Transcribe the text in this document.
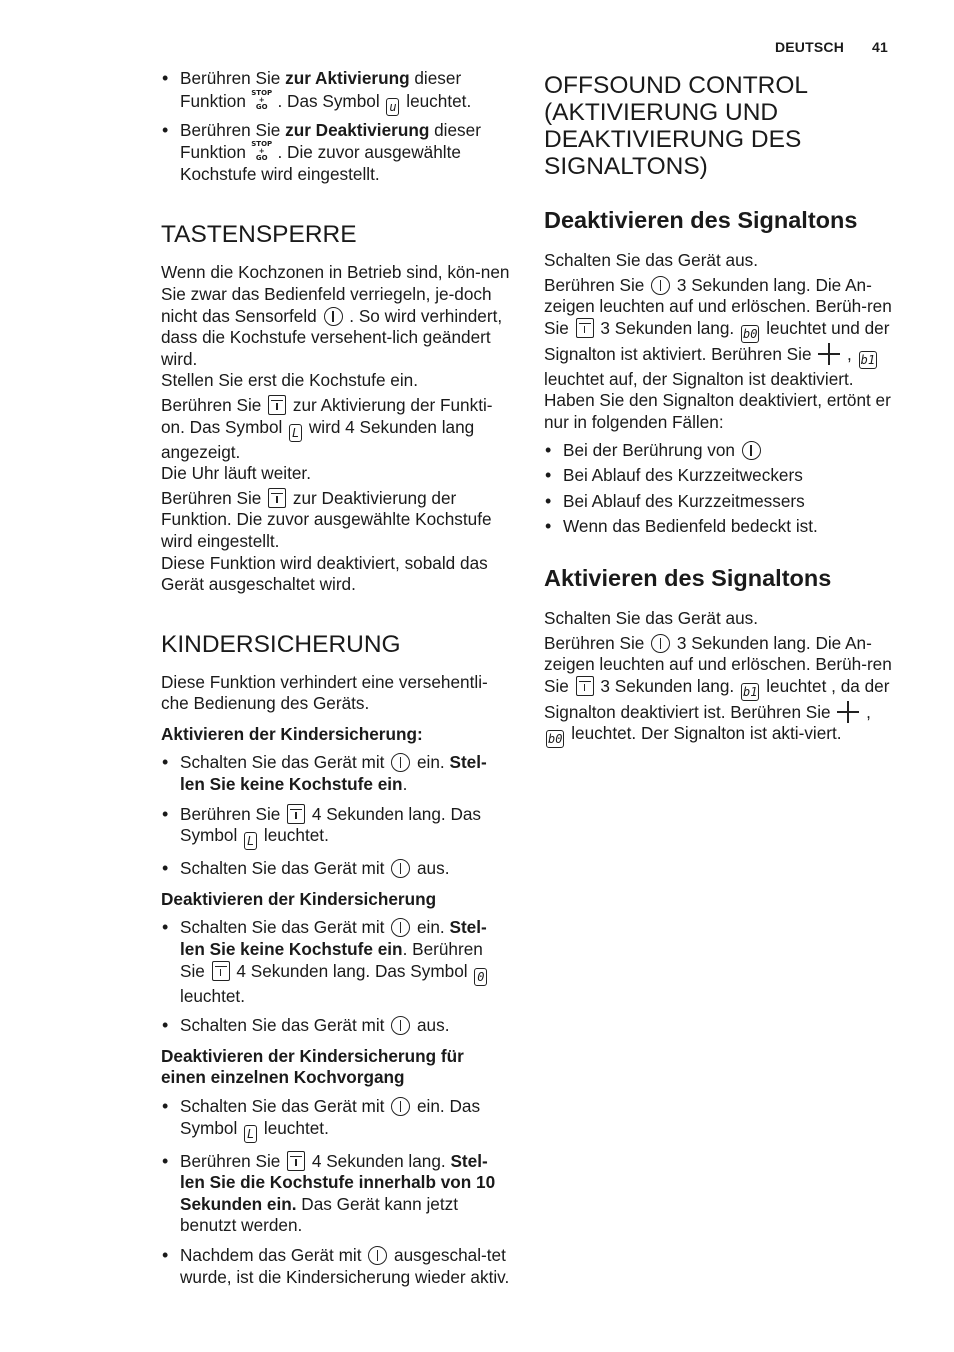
DEUTSCH 41
• Berühren Sie zur Aktivierung dieser Funktion STOP
+
GO . Das Symbol u leuchtet.
• Berühren Sie zur Deaktivierung dieser Funktion STOP
+
GO . Die zuvor ausgewählte Kochstufe wird eingestellt.
TASTENSPERRE

Wenn die Kochzonen in Betrieb sind, kön-nen Sie zwar das Bedienfeld verriegeln, je-doch nicht das Sensorfeld  . So wird verhindert, dass die Kochstufe versehent-lich geändert wird.

Stellen Sie erst die Kochstufe ein.

Berühren Sie  zur Aktivierung der Funkti-on. Das Symbol L wird 4 Sekunden lang angezeigt.

Die Uhr läuft weiter.

Berühren Sie  zur Deaktivierung der Funktion. Die zuvor ausgewählte Kochstufe wird eingestellt.

Diese Funktion wird deaktiviert, sobald das Gerät ausgeschaltet wird.

KINDERSICHERUNG

Diese Funktion verhindert eine versehentli-che Bedienung des Geräts.

Aktivieren der Kindersicherung:
• Schalten Sie das Gerät mit  ein. Stel-len Sie keine Kochstufe ein.
• Berühren Sie  4 Sekunden lang. Das Symbol L leuchtet.
• Schalten Sie das Gerät mit  aus.
Deaktivieren der Kindersicherung
• Schalten Sie das Gerät mit  ein. Stel-len Sie keine Kochstufe ein. Berühren Sie  4 Sekunden lang. Das Symbol 0 leuchtet.
• Schalten Sie das Gerät mit  aus.
Deaktivieren der Kindersicherung für einen einzelnen Kochvorgang
• Schalten Sie das Gerät mit  ein. Das Symbol L leuchtet.
• Berühren Sie  4 Sekunden lang. Stel-len Sie die Kochstufe innerhalb von 10 Sekunden ein. Das Gerät kann jetzt benutzt werden.
• Nachdem das Gerät mit  ausgeschal-tet wurde, ist die Kindersicherung wieder aktiv.
OFFSOUND CONTROL (AKTIVIERUNG UND DEAKTIVIERUNG DES SIGNALTONS)
Deaktivieren des Signaltons

Schalten Sie das Gerät aus.

Berühren Sie  3 Sekunden lang. Die An-zeigen leuchten auf und erlöschen. Berüh-ren Sie  3 Sekunden lang. b0 leuchtet und der Signalton ist aktiviert. Berühren Sie  , b1 leuchtet auf, der Signalton ist deaktiviert.

Haben Sie den Signalton deaktiviert, ertönt er nur in folgenden Fällen:

• Bei der Berührung von
• Bei Ablauf des Kurzzeitweckers
• Bei Ablauf des Kurzzeitmessers
• Wenn das Bedienfeld bedeckt ist.
Aktivieren des Signaltons

Schalten Sie das Gerät aus.

Berühren Sie  3 Sekunden lang. Die An-zeigen leuchten auf und erlöschen. Berüh-ren Sie  3 Sekunden lang. b1 leuchtet , da der Signalton deaktiviert ist. Berühren Sie  , b0 leuchtet. Der Signalton ist akti-viert.
